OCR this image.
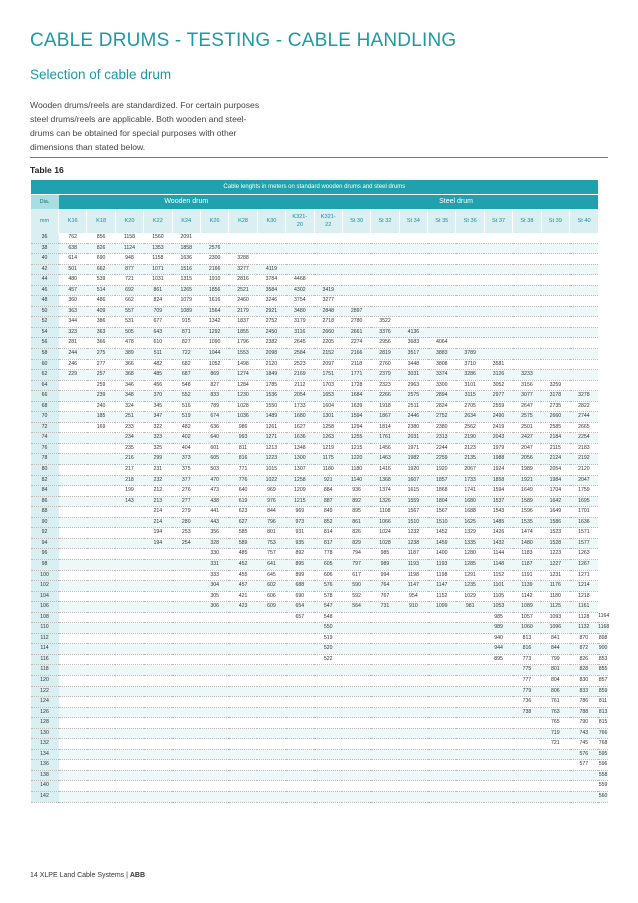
CABLE DRUMS - TESTING - CABLE HANDLING
Selection of cable drum
Wooden drums/reels are standardized. For certain purposes
steel drums/reels are applicable. Both wooden and steel-
drums can be obtained for special purposes with other
dimensions than stated below.
Table 16
Cable lenghts in meters on standard wooden drums and steel drums																				
Dia.	Wooden drum									Steel drum										
mm	K16	K18	K20	K22	K24	K26	K28	K30	K321-
20	K321-
22	St 30	St 32	St 34	St 35	St 36	St 37	St 38	St 39	St 40	
36	762	856	1158	1560	2091															
38	638	826	1124	1353	1858	2576														
40	614	690	948	1158	1636	2300	3288													
42	501	662	877	1071	1516	2166	3277	4119												
44	480	539	721	1031	1315	1910	2816	3784	4468											
46	457	514	692	861	1265	1856	2521	3584	4302	3419										
48	360	486	662	824	1079	1616	2460	3246	3754	3277										
50	363	409	557	709	1089	1564	2179	2921	3480	2848	2897									
52	344	386	531	677	915	1342	1837	2752	3179	2718	2780	3522								
54	323	363	505	643	871	1292	1855	2450	3116	2660	2661	3376	4136							
56	281	366	478	610	827	1090	1796	2382	2645	2205	2274	2956	3683	4064						
58	244	275	389	511	722	1044	1553	2098	2584	2152	2166	2819	3517	3883	3789					
60	246	277	366	482	682	1052	1498	2120	2523	2097	2118	2760	3448	3808	3710	3581				
62	229	257	368	485	687	869	1274	1849	2169	1751	1771	2379	3031	3374	3286	3126	3233			
64		259	346	456	548	827	1284	1785	2112	1703	1728	2323	2963	3300	3101	3052	3156	3259		
66		239	348	370	552	833	1230	1536	2054	1653	1684	2266	2575	2894	3115	2977	3077	3178	3278	
68		240	324	345	516	789	1028	1550	1733	1604	1639	1918	2511	2824	2705	2559	2647	2735	2822	
70		185	251	347	519	674	1036	1489	1680	1301	1594	1867	2446	2752	2634	2490	2575	2660	2744	
72		169	233	322	482	636	986	1261	1627	1258	1294	1814	2380	2380	2562	2419	2501	2585	2665	
74			234	323	402	640	993	1271	1636	1263	1255	1761	2031	2313	2190	2043	2427	2184	2254	
76			235	325	404	601	811	1213	1348	1219	1215	1456	1971	2244	2123	1979	2047	2115	2183	
78			216	299	373	605	816	1223	1300	1175	1220	1463	1982	2259	2135	1988	2056	2124	2192	
80			217	231	375	503	771	1015	1307	1180	1180	1416	1920	1920	2067	1924	1989	2054	2120	
82			218	232	377	470	776	1022	1258	921	1140	1368	1607	1857	1733	1858	1921	1984	2047	
84			199	212	276	473	640	969	1209	884	936	1374	1615	1868	1741	1594	1649	1704	1759	
86			143	213	277	438	619	976	1215	887	892	1326	1559	1804	1680	1537	1589	1642	1695	
88				214	279	441	623	844	969	849	895	1108	1567	1567	1688	1543	1596	1649	1701	
90				214	280	443	627	796	973	852	861	1066	1510	1510	1625	1485	1535	1586	1636	
92				194	253	356	585	801	931	814	826	1024	1232	1452	1329	1426	1474	1523	1571	
94				194	254	328	589	753	935	817	829	1028	1238	1459	1335	1432	1480	1528	1577	
96						330	485	757	892	778	794	985	1187	1400	1280	1144	1183	1223	1263	
98						331	452	641	895	605	797	989	1193	1193	1285	1148	1187	1227	1267	
100						333	455	645	899	606	617	994	1198	1198	1291	1152	1191	1231	1271	
102						304	457	602	688	576	590	764	1147	1147	1235	1101	1139	1176	1214	
104						305	421	606	690	578	592	767	954	1152	1029	1105	1142	1180	1218	
106						306	423	609	654	547	564	731	910	1099	981	1053	1089	1125	1161	
108									657	548						985	1057	1093	1128	1164
110										550						989	1060	1096	1132	1168
112										519						940	813	841	870	898
114										520						944	816	844	872	900
116										522						895	773	799	826	853
118																	775	801	828	855
120																	777	804	830	857
122																	779	806	833	859
124																	736	761	786	811
126																	738	763	788	813
128																		765	790	815
130																		719	743	766
132																		721	745	768
134																			576	595
136																			577	596
138																				558
140																				559
142																				560
14 XLPE Land Cable Systems | ABB
